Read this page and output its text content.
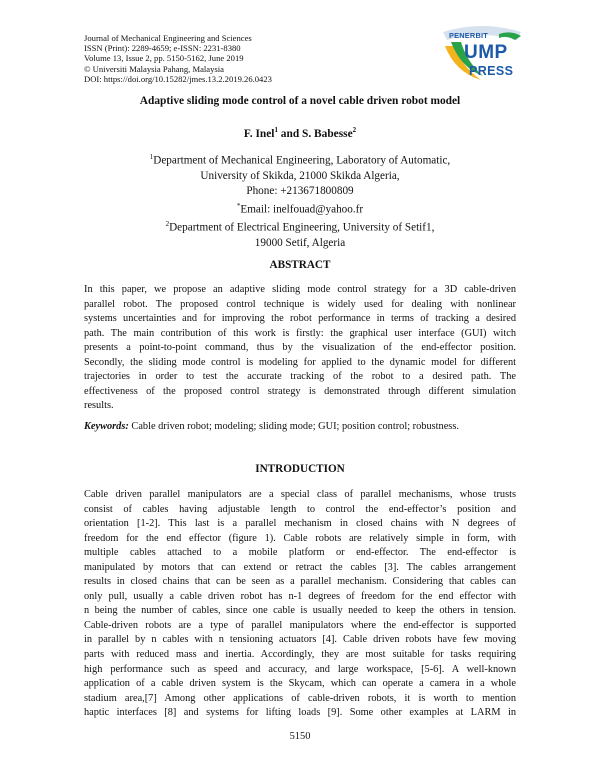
Journal of Mechanical Engineering and Sciences
ISSN (Print): 2289-4659; e-ISSN: 2231-8380
Volume 13, Issue 2, pp. 5150-5162, June 2019
© Universiti Malaysia Pahang, Malaysia
DOI: https://doi.org/10.15282/jmes.13.2.2019.26.0423
PENERBIT
UMP
PRESS
Adaptive sliding mode control of a novel cable driven robot model
F. Inel$^1$ and S. Babesse$^2$
$^1$Department of Mechanical Engineering, Laboratory of Automatic,
University of Skikda, 21000 Skikda Algeria,
Phone: +213671800809
*Email: inelfouad@yahoo.fr
$^2$Department of Electrical Engineering, University of Setif1,
19000 Setif, Algeria
ABSTRACT
In this paper, we propose an adaptive sliding mode control strategy for a 3D cable-driven
parallel robot. The proposed control technique is widely used for dealing with nonlinear
systems uncertainties and for improving the robot performance in terms of tracking a desired
path. The main contribution of this work is firstly: the graphical user interface (GUI) witch
presents a point-to-point command, thus by the visualization of the end-effector position.
Secondly, the sliding mode control is modeling for applied to the dynamic model for different
trajectories in order to test the accurate tracking of the robot to a desired path. The
effectiveness of the proposed control strategy is demonstrated through different simulation
results.
Keywords: Cable driven robot; modeling; sliding mode; GUI; position control; robustness.
INTRODUCTION
Cable driven parallel manipulators are a special class of parallel mechanisms, whose trusts
consist of cables having adjustable length to control the end-effector’s position and
orientation [1-2]. This last is a parallel mechanism in closed chains with N degrees of
freedom for the end effector (figure 1). Cable robots are relatively simple in form, with
multiple cables attached to a mobile platform or end-effector. The end-effector is
manipulated by motors that can extend or retract the cables [3]. The cables arrangement
results in closed chains that can be seen as a parallel mechanism. Considering that cables can
only pull, usually a cable driven robot has n-1 degrees of freedom for the end effector with
n being the number of cables, since one cable is usually needed to keep the others in tension.
Cable-driven robots are a type of parallel manipulators where the end-effector is supported
in parallel by n cables with n tensioning actuators [4]. Cable driven robots have few moving
parts with reduced mass and inertia. Accordingly, they are most suitable for tasks requiring
high performance such as speed and accuracy, and large workspace, [5-6]. A well-known
application of a cable driven system is the Skycam, which can operate a camera in a whole
stadium area,[7] Among other applications of cable-driven robots, it is worth to mention
haptic interfaces [8] and systems for lifting loads [9]. Some other examples at LARM in
5150
